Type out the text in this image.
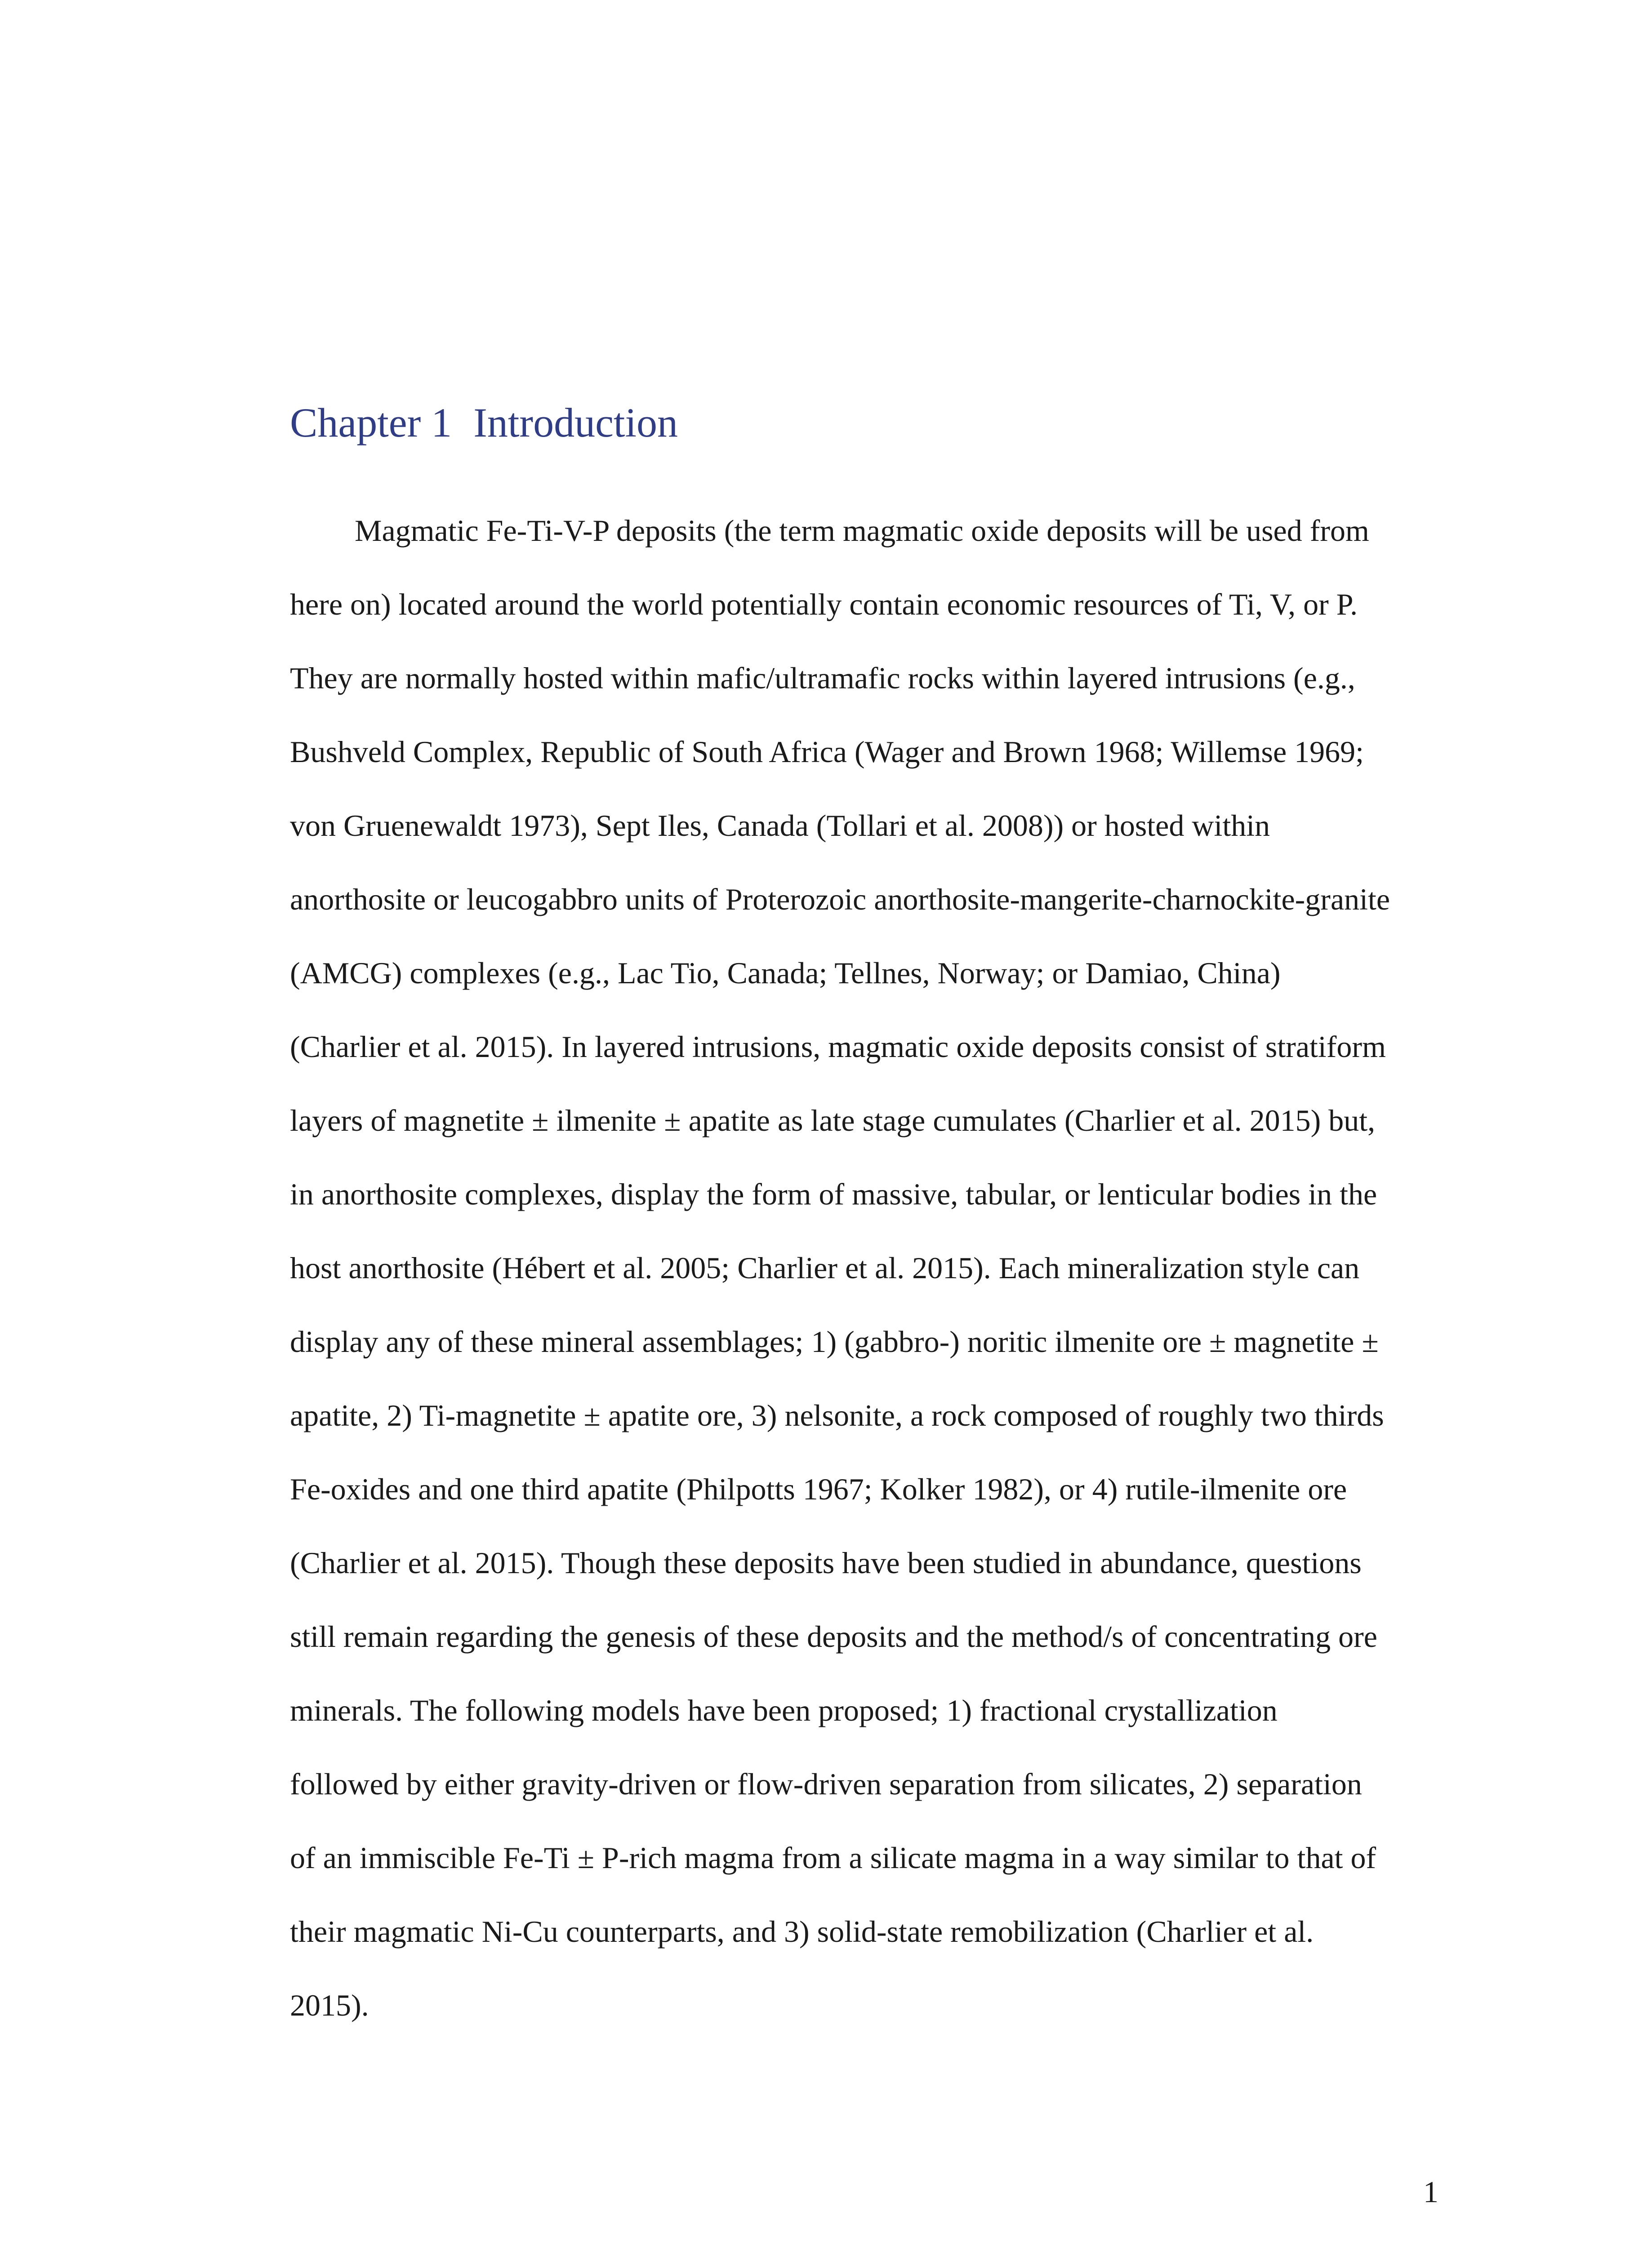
Chapter 1 Introduction
Magmatic Fe-Ti-V-P deposits (the term magmatic oxide deposits will be used from
here on) located around the world potentially contain economic resources of Ti, V, or P.
They are normally hosted within mafic/ultramafic rocks within layered intrusions (e.g.,
Bushveld Complex, Republic of South Africa (Wager and Brown 1968; Willemse 1969;
von Gruenewaldt 1973), Sept Iles, Canada (Tollari et al. 2008)) or hosted within
anorthosite or leucogabbro units of Proterozoic anorthosite-mangerite-charnockite-granite
(AMCG) complexes (e.g., Lac Tio, Canada; Tellnes, Norway; or Damiao, China)
(Charlier et al. 2015). In layered intrusions, magmatic oxide deposits consist of stratiform
layers of magnetite ± ilmenite ± apatite as late stage cumulates (Charlier et al. 2015) but,
in anorthosite complexes, display the form of massive, tabular, or lenticular bodies in the
host anorthosite (Hébert et al. 2005; Charlier et al. 2015). Each mineralization style can
display any of these mineral assemblages; 1) (gabbro-) noritic ilmenite ore ± magnetite ±
apatite, 2) Ti-magnetite ± apatite ore, 3) nelsonite, a rock composed of roughly two thirds
Fe-oxides and one third apatite (Philpotts 1967; Kolker 1982), or 4) rutile-ilmenite ore
(Charlier et al. 2015). Though these deposits have been studied in abundance, questions
still remain regarding the genesis of these deposits and the method/s of concentrating ore
minerals. The following models have been proposed; 1) fractional crystallization
followed by either gravity-driven or flow-driven separation from silicates, 2) separation
of an immiscible Fe-Ti ± P-rich magma from a silicate magma in a way similar to that of
their magmatic Ni-Cu counterparts, and 3) solid-state remobilization (Charlier et al.
2015).
1
